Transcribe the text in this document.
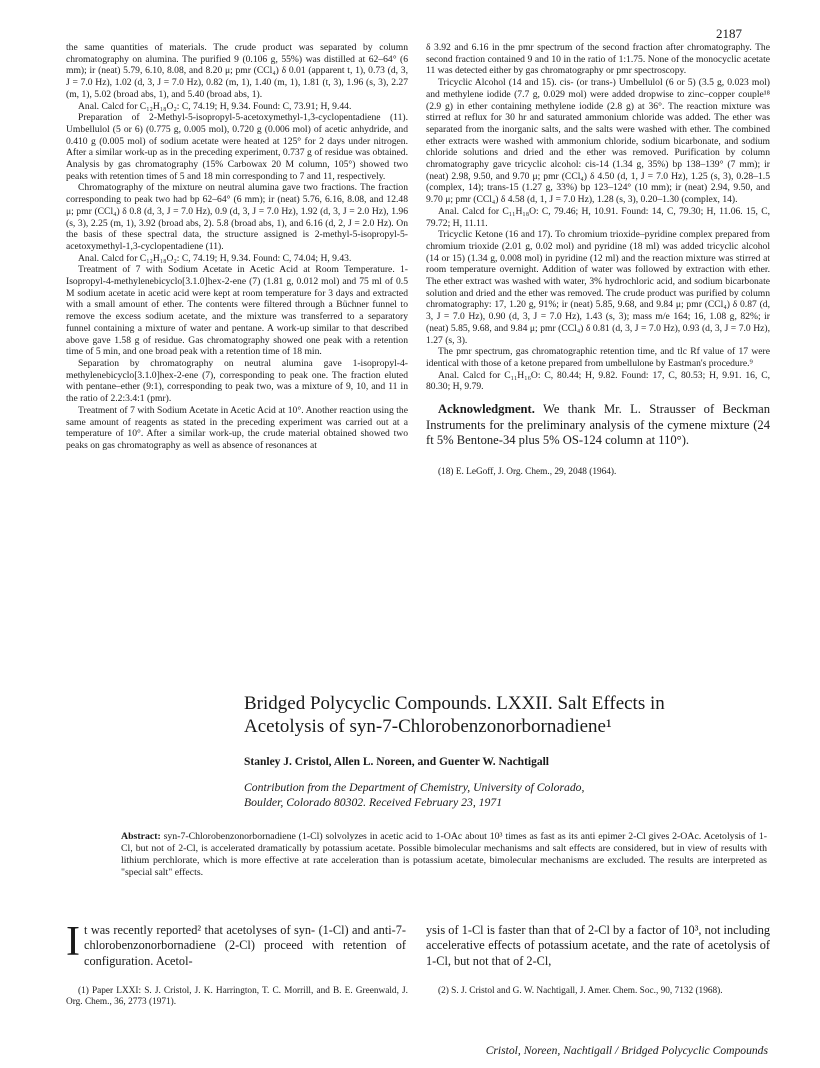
2187

the same quantities of materials. The crude product was separated by column chromatography on alumina. The purified 9 (0.106 g, 55%) was distilled at 62–64° (6 mm); ir (neat) 5.79, 6.10, 8.08, and 8.20 μ; pmr (CCl₄) δ 0.01 (apparent t, 1), 0.73 (d, 3, J = 7.0 Hz), 1.02 (d, 3, J = 7.0 Hz), 0.82 (m, 1), 1.40 (m, 1), 1.81 (t, 3), 1.96 (s, 3), 2.27 (m, 1), 5.02 (broad abs, 1), and 5.40 (broad abs, 1).

Anal. Calcd for C₁₂H₁₈O₂: C, 74.19; H, 9.34. Found: C, 73.91; H, 9.44.

Preparation of 2-Methyl-5-isopropyl-5-acetoxymethyl-1,3-cyclopentadiene (11). Umbellulol (5 or 6) (0.775 g, 0.005 mol), 0.720 g (0.006 mol) of acetic anhydride, and 0.410 g (0.005 mol) of sodium acetate were heated at 125° for 2 days under nitrogen. After a similar work-up as in the preceding experiment, 0.737 g of residue was obtained. Analysis by gas chromatography (15% Carbowax 20 M column, 105°) showed two peaks with retention times of 5 and 18 min corresponding to 7 and 11, respectively.

Chromatography of the mixture on neutral alumina gave two fractions. The fraction corresponding to peak two had bp 62–64° (6 mm); ir (neat) 5.76, 6.16, 8.08, and 12.48 μ; pmr (CCl₄) δ 0.8 (d, 3, J = 7.0 Hz), 0.9 (d, 3, J = 7.0 Hz), 1.92 (d, 3, J = 2.0 Hz), 1.96 (s, 3), 2.25 (m, 1), 3.92 (broad abs, 2). 5.8 (broad abs, 1), and 6.16 (d, 2, J = 2.0 Hz). On the basis of these spectral data, the structure assigned is 2-methyl-5-isopropyl-5-acetoxymethyl-1,3-cyclopentadiene (11).

Anal. Calcd for C₁₂H₁₈O₂: C, 74.19; H, 9.34. Found: C, 74.04; H, 9.43.

Treatment of 7 with Sodium Acetate in Acetic Acid at Room Temperature. 1-Isopropyl-4-methylenebicyclo[3.1.0]hex-2-ene (7) (1.81 g, 0.012 mol) and 75 ml of 0.5 M sodium acetate in acetic acid were kept at room temperature for 3 days and extracted with a small amount of ether. The contents were filtered through a Büchner funnel to remove the excess sodium acetate, and the mixture was transferred to a separatory funnel containing a mixture of water and pentane. A work-up similar to that described above gave 1.58 g of residue. Gas chromatography showed one peak with a retention time of 5 min, and one broad peak with a retention time of 18 min.

Separation by chromatography on neutral alumina gave 1-isopropyl-4-methylenebicyclo[3.1.0]hex-2-ene (7), corresponding to peak one. The fraction eluted with pentane–ether (9:1), corresponding to peak two, was a mixture of 9, 10, and 11 in the ratio of 2.2:3.4:1 (pmr).

Treatment of 7 with Sodium Acetate in Acetic Acid at 10°. Another reaction using the same amount of reagents as stated in the preceding experiment was carried out at a temperature of 10°. After a similar work-up, the crude material obtained showed two peaks on gas chromatography as well as absence of resonances at

δ 3.92 and 6.16 in the pmr spectrum of the second fraction after chromatography. The second fraction contained 9 and 10 in the ratio of 1:1.75. None of the monocyclic acetate 11 was detected either by gas chromatography or pmr spectroscopy.

Tricyclic Alcohol (14 and 15). cis- (or trans-) Umbellulol (6 or 5) (3.5 g, 0.023 mol) and methylene iodide (7.7 g, 0.029 mol) were added dropwise to zinc–copper couple¹⁸ (2.9 g) in ether containing methylene iodide (2.8 g) at 36°. The reaction mixture was stirred at reflux for 30 hr and saturated ammonium chloride was added. The ether was separated from the inorganic salts, and the salts were washed with ether. The combined ether extracts were washed with ammonium chloride, sodium bicarbonate, and sodium chloride solutions and dried and the ether was removed. Purification by column chromatography gave tricyclic alcohol: cis-14 (1.34 g, 35%) bp 138–139° (7 mm); ir (neat) 2.98, 9.50, and 9.70 μ; pmr (CCl₄) δ 4.50 (d, 1, J = 7.0 Hz), 1.25 (s, 3), 0.28–1.5 (complex, 14); trans-15 (1.27 g, 33%) bp 123–124° (10 mm); ir (neat) 2.94, 9.50, and 9.70 μ; pmr (CCl₄) δ 4.58 (d, 1, J = 7.0 Hz), 1.28 (s, 3), 0.20–1.30 (complex, 14).

Anal. Calcd for C₁₁H₁₈O: C, 79.46; H, 10.91. Found: 14, C, 79.30; H, 11.06. 15, C, 79.72; H, 11.11.

Tricyclic Ketone (16 and 17). To chromium trioxide–pyridine complex prepared from chromium trioxide (2.01 g, 0.02 mol) and pyridine (18 ml) was added tricyclic alcohol (14 or 15) (1.34 g, 0.008 mol) in pyridine (12 ml) and the reaction mixture was stirred at room temperature overnight. Addition of water was followed by extraction with ether. The ether extract was washed with water, 3% hydrochloric acid, and sodium bicarbonate solution and dried and the ether was removed. The crude product was purified by column chromatography: 17, 1.20 g, 91%; ir (neat) 5.85, 9.68, and 9.84 μ; pmr (CCl₄) δ 0.87 (d, 3, J = 7.0 Hz), 0.90 (d, 3, J = 7.0 Hz), 1.43 (s, 3); mass m/e 164; 16, 1.08 g, 82%; ir (neat) 5.85, 9.68, and 9.84 μ; pmr (CCl₄) δ 0.81 (d, 3, J = 7.0 Hz), 0.93 (d, 3, J = 7.0 Hz), 1.27 (s, 3).

The pmr spectrum, gas chromatographic retention time, and tlc Rf value of 17 were identical with those of a ketone prepared from umbellulone by Eastman's procedure.⁹

Anal. Calcd for C₁₁H₁₆O: C, 80.44; H, 9.82. Found: 17, C, 80.53; H, 9.91. 16, C, 80.30; H, 9.79.

Acknowledgment. We thank Mr. L. Strausser of Beckman Instruments for the preliminary analysis of the cymene mixture (24 ft 5% Bentone-34 plus 5% OS-124 column at 110°).

(18) E. LeGoff, J. Org. Chem., 29, 2048 (1964).

Bridged Polycyclic Compounds. LXXII. Salt Effects in
Acetolysis of syn-7-Chlorobenzonorbornadiene¹
Stanley J. Cristol, Allen L. Noreen, and Guenter W. Nachtigall
Contribution from the Department of Chemistry, University of Colorado,
Boulder, Colorado 80302. Received February 23, 1971
Abstract: syn-7-Chlorobenzonorbornadiene (1-Cl) solvolyzes in acetic acid to 1-OAc about 10³ times as fast as its anti epimer 2-Cl gives 2-OAc. Acetolysis of 1-Cl, but not of 2-Cl, is accelerated dramatically by potassium acetate. Possible bimolecular mechanisms and salt effects are considered, but in view of results with lithium perchlorate, which is more effective at rate acceleration than is potassium acetate, bimolecular mechanisms are excluded. The results are interpreted as "special salt" effects.
I t was recently reported² that acetolyses of syn- (1-Cl) and anti-7-chlorobenzonorbornadiene (2-Cl) proceed with retention of configuration. Acetol-
ysis of 1-Cl is faster than that of 2-Cl by a factor of 10³, not including accelerative effects of potassium acetate, and the rate of acetolysis of 1-Cl, but not that of 2-Cl,
(1) Paper LXXI: S. J. Cristol, J. K. Harrington, T. C. Morrill, and B. E. Greenwald, J. Org. Chem., 36, 2773 (1971).
(2) S. J. Cristol and G. W. Nachtigall, J. Amer. Chem. Soc., 90, 7132 (1968).
Cristol, Noreen, Nachtigall / Bridged Polycyclic Compounds
